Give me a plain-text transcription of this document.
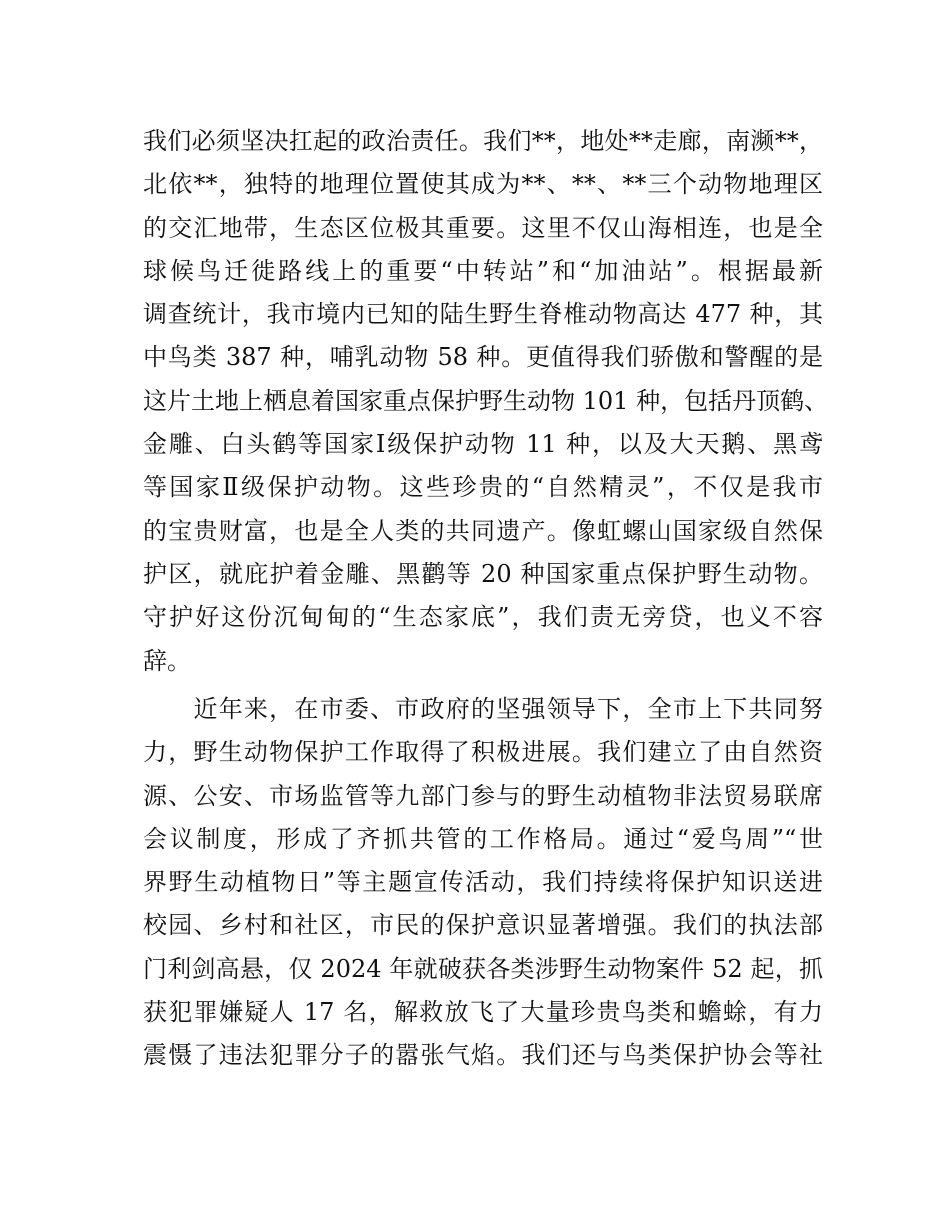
我们必须坚决扛起的政治责任。我们**，地处**走廊，南濒**，
北依**，独特的地理位置使其成为**、**、**三个动物地理区
的交汇地带，生态区位极其重要。这里不仅山海相连，也是全
球候鸟迁徙路线上的重要“中转站”和“加油站”。根据最新
调查统计，我市境内已知的陆生野生脊椎动物高达 477 种，其
中鸟类 387 种，哺乳动物 58 种。更值得我们骄傲和警醒的是
这片土地上栖息着国家重点保护野生动物 101 种，包括丹顶鹤、
金雕、白头鹤等国家Ⅰ级保护动物 11 种，以及大天鹅、黑鸢
等国家Ⅱ级保护动物。这些珍贵的“自然精灵”，不仅是我市
的宝贵财富，也是全人类的共同遗产。像虹螺山国家级自然保
护区，就庇护着金雕、黑鹳等 20 种国家重点保护野生动物。
守护好这份沉甸甸的“生态家底”，我们责无旁贷，也义不容
辞。
　　近年来，在市委、市政府的坚强领导下，全市上下共同努
力，野生动物保护工作取得了积极进展。我们建立了由自然资
源、公安、市场监管等九部门参与的野生动植物非法贸易联席
会议制度，形成了齐抓共管的工作格局。通过“爱鸟周”“世
界野生动植物日”等主题宣传活动，我们持续将保护知识送进
校园、乡村和社区，市民的保护意识显著增强。我们的执法部
门利剑高悬，仅 2024 年就破获各类涉野生动物案件 52 起，抓
获犯罪嫌疑人 17 名，解救放飞了大量珍贵鸟类和蟾蜍，有力
震慑了违法犯罪分子的嚣张气焰。我们还与鸟类保护协会等社
